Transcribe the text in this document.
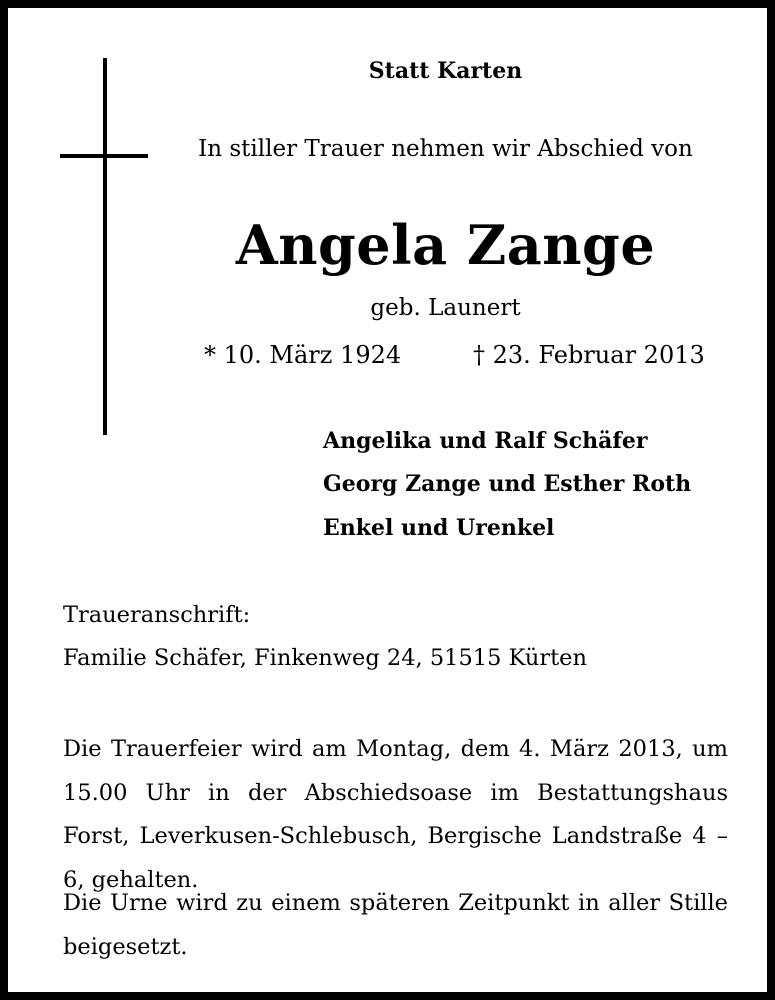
Statt Karten
In stiller Trauer nehmen wir Abschied von
Angela Zange
geb. Launert
* 10. März 1924	† 23. Februar 2013
Angelika und Ralf Schäfer
Georg Zange und Esther Roth
Enkel und Urenkel
Traueranschrift:
Familie Schäfer, Finkenweg 24, 51515 Kürten
Die Trauerfeier wird am Montag, dem 4. März 2013, um 15.00 Uhr in der Abschiedsoase im Bestattungshaus Forst, Leverkusen-Schlebusch, Bergische Landstraße 4 – 6, gehalten.
Die Urne wird zu einem späteren Zeitpunkt in aller Stille beigesetzt.
